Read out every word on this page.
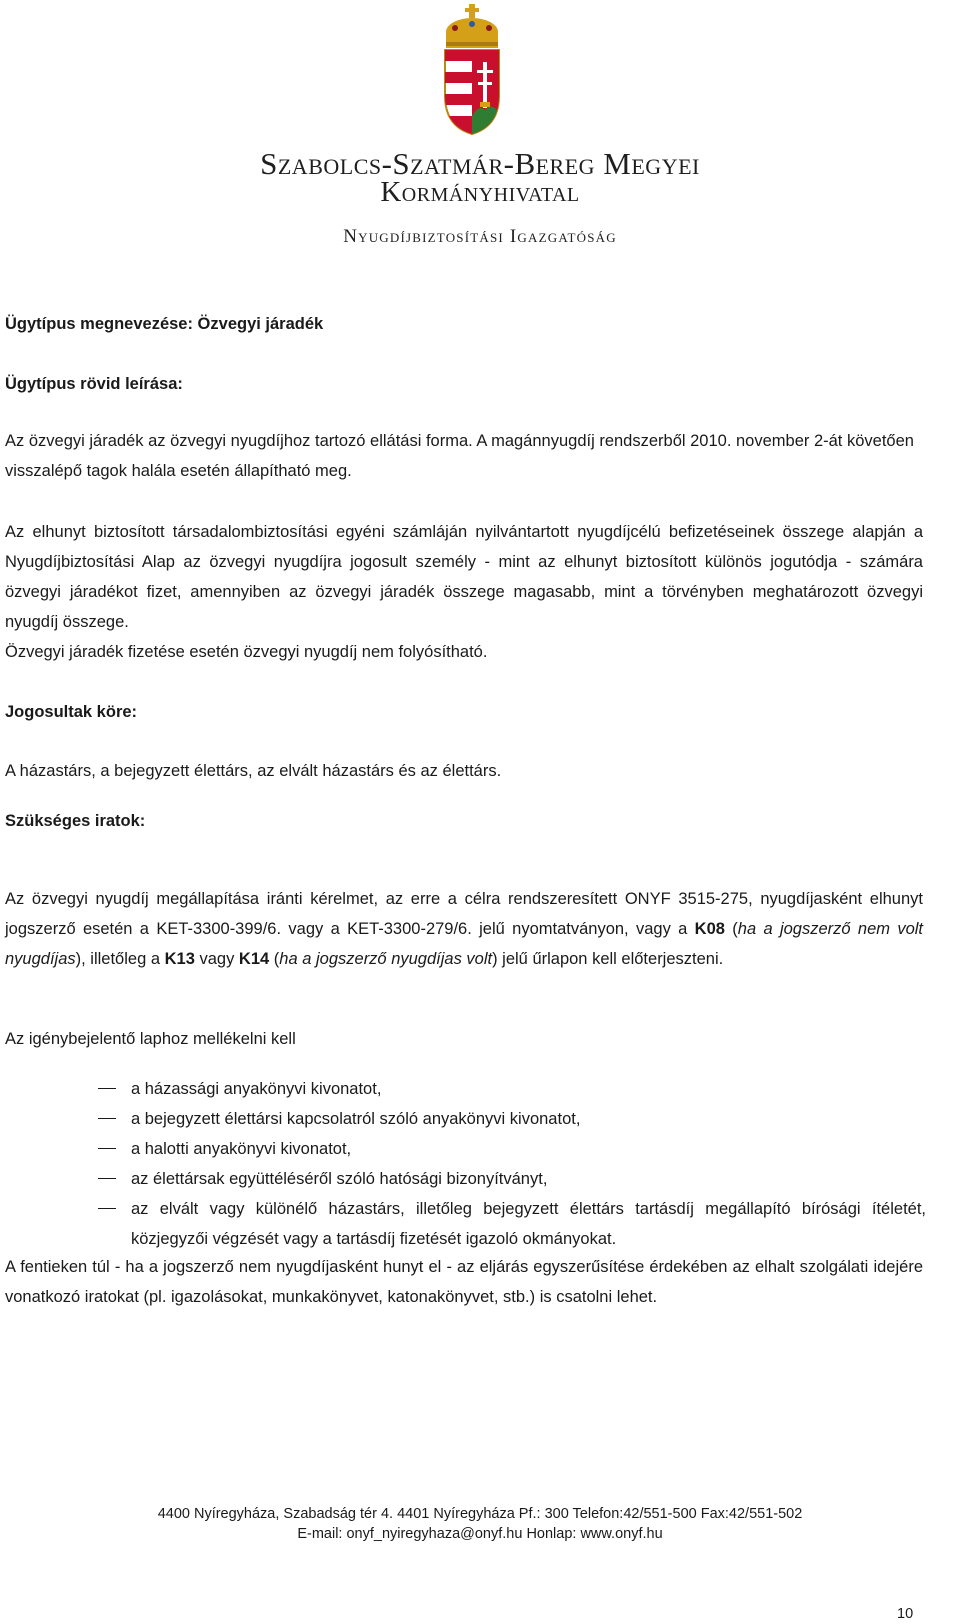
Szabolcs-Szatmár-Bereg Megyei
Kormányhivatal
Nyugdíjbiztosítási Igazgatóság

Ügytípus megnevezése: Özvegyi járadék

Ügytípus rövid leírása:

Az özvegyi járadék az özvegyi nyugdíjhoz tartozó ellátási forma. A magánnyugdíj rendszerből 2010. november 2-át követően visszalépő tagok halála esetén állapítható meg.

Az elhunyt biztosított társadalombiztosítási egyéni számláján nyilvántartott nyugdíjcélú befizetéseinek összege alapján a Nyugdíjbiztosítási Alap az özvegyi nyugdíjra jogosult személy - mint az elhunyt biztosított különös jogutódja - számára özvegyi járadékot fizet, amennyiben az özvegyi járadék összege magasabb, mint a törvényben meghatározott özvegyi nyugdíj összege.

Özvegyi járadék fizetése esetén özvegyi nyugdíj nem folyósítható.

Jogosultak köre:

A házastárs, a bejegyzett élettárs, az elvált házastárs és az élettárs.

Szükséges iratok:

Az özvegyi nyugdíj megállapítása iránti kérelmet, az erre a célra rendszeresített ONYF 3515-275, nyugdíjasként elhunyt jogszerző esetén a KET-3300-399/6. vagy a KET-3300-279/6. jelű nyomtatványon, vagy a K08 (ha a jogszerző nem volt nyugdíjas), illetőleg a K13 vagy K14 (ha a jogszerző nyugdíjas volt) jelű űrlapon kell előterjeszteni.

Az igénybejelentő laphoz mellékelni kell

a házassági anyakönyvi kivonatot,
a bejegyzett élettársi kapcsolatról szóló anyakönyvi kivonatot,
a halotti anyakönyvi kivonatot,
az élettársak együttéléséről szóló hatósági bizonyítványt,
az elvált vagy különélő házastárs, illetőleg bejegyzett élettárs tartásdíj megállapító bírósági ítéletét, közjegyzői végzését vagy a tartásdíj fizetését igazoló okmányokat.

A fentieken túl - ha a jogszerző nem nyugdíjasként hunyt el - az eljárás egyszerűsítése érdekében az elhalt szolgálati idejére vonatkozó iratokat (pl. igazolásokat, munkakönyvet, katonakönyvet, stb.) is csatolni lehet.

4400 Nyíregyháza, Szabadság tér 4. 4401 Nyíregyháza Pf.: 300 Telefon:42/551-500 Fax:42/551-502
E-mail: onyf_nyiregyhaza@onyf.hu Honlap: www.onyf.hu
10
